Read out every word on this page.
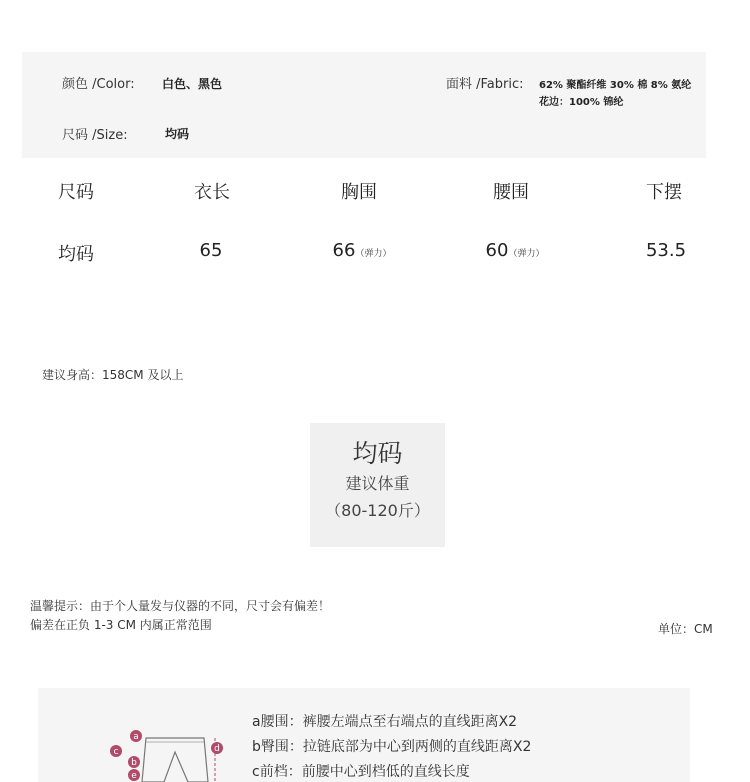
颜色 /Color: 白色、黑色
尺码 /Size:	均码
面料 /Fabric: 62% 聚酯纤维 30% 棉 8% 氨纶
花边：100% 锦纶
尺码	衣长	胸围	腰围	下摆
均码	65	66（弹力）	60（弹力）	53.5
建议身高：158CM 及以上
均码
建议体重
（80-120斤）
温馨提示：由于个人量发与仪器的不同，尺寸会有偏差！
偏差在正负 1-3 CM 内属正常范围	单位：CM
a
c
b
e
d
a腰围：裤腰左端点至右端点的直线距离X2
b臀围：拉链底部为中心到两侧的直线距离X2
c前档：前腰中心到档低的直线长度
